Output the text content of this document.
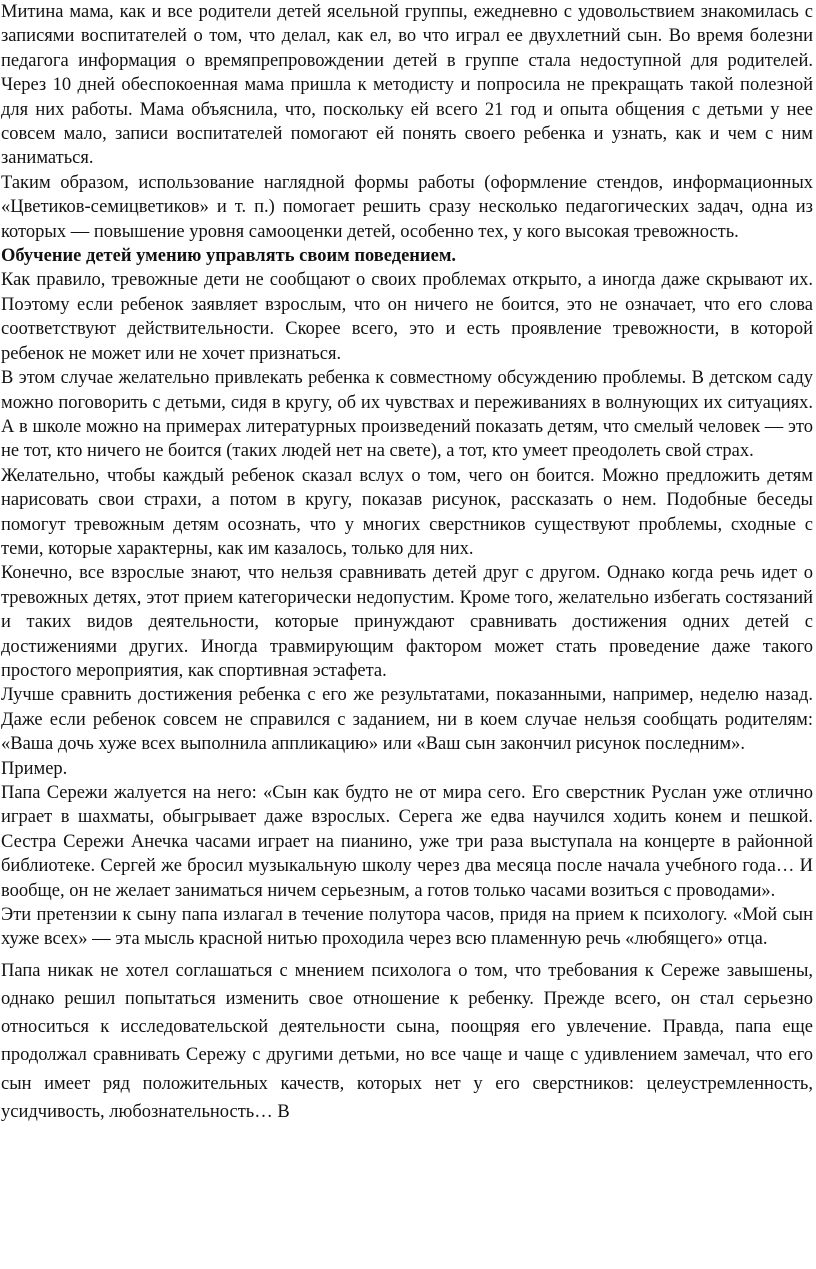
Митина мама, как и все родители детей ясельной группы, ежедневно с удовольствием знакомилась с записями воспитателей о том, что делал, как ел, во что играл ее двухлетний сын. Во время болезни педагога информация о времяпрепровождении детей в группе стала недоступной для родителей. Через 10 дней обеспокоенная мама пришла к методисту и попросила не прекращать такой полезной для них работы. Мама объяснила, что, поскольку ей всего 21 год и опыта общения с детьми у нее совсем мало, записи воспитателей помогают ей понять своего ребенка и узнать, как и чем с ним заниматься.

Таким образом, использование наглядной формы работы (оформление стендов, информационных «Цветиков-семицветиков» и т. п.) помогает решить сразу несколько педагогических задач, одна из которых — повышение уровня самооценки детей, особенно тех, у кого высокая тревожность.

Обучение детей умению управлять своим поведением.

Как правило, тревожные дети не сообщают о своих проблемах открыто, а иногда даже скрывают их. Поэтому если ребенок заявляет взрослым, что он ничего не боится, это не означает, что его слова соответствуют действительности. Скорее всего, это и есть проявление тревожности, в которой ребенок не может или не хочет признаться.

В этом случае желательно привлекать ребенка к совместному обсуждению проблемы. В детском саду можно поговорить с детьми, сидя в кругу, об их чувствах и переживаниях в волнующих их ситуациях. А в школе можно на примерах литературных произведений показать детям, что смелый человек — это не тот, кто ничего не боится (таких людей нет на свете), а тот, кто умеет преодолеть свой страх.

Желательно, чтобы каждый ребенок сказал вслух о том, чего он боится. Можно предложить детям нарисовать свои страхи, а потом в кругу, показав рисунок, рассказать о нем. Подобные беседы помогут тревожным детям осознать, что у многих сверстников существуют проблемы, сходные с теми, которые характерны, как им казалось, только для них.

Конечно, все взрослые знают, что нельзя сравнивать детей друг с другом. Однако когда речь идет о тревожных детях, этот прием категорически недопустим. Кроме того, желательно избегать состязаний и таких видов деятельности, которые принуждают сравнивать достижения одних детей с достижениями других. Иногда травмирующим фактором может стать проведение даже такого простого мероприятия, как спортивная эстафета.

Лучше сравнить достижения ребенка с его же результатами, показанными, например, неделю назад. Даже если ребенок совсем не справился с заданием, ни в коем случае нельзя сообщать родителям: «Ваша дочь хуже всех выполнила аппликацию» или «Ваш сын закончил рисунок последним».

Пример.

Папа Сережи жалуется на него: «Сын как будто не от мира сего. Его сверстник Руслан уже отлично играет в шахматы, обыгрывает даже взрослых. Серега же едва научился ходить конем и пешкой. Сестра Сережи Анечка часами играет на пианино, уже три раза выступала на концерте в районной библиотеке. Сергей же бросил музыкальную школу через два месяца после начала учебного года… И вообще, он не желает заниматься ничем серьезным, а готов только часами возиться с проводами».

Эти претензии к сыну папа излагал в течение полутора часов, придя на прием к психологу. «Мой сын хуже всех» — эта мысль красной нитью проходила через всю пламенную речь «любящего» отца.

Папа никак не хотел соглашаться с мнением психолога о том, что требования к Сереже завышены, однако решил попытаться изменить свое отношение к ребенку. Прежде всего, он стал серьезно относиться к исследовательской деятельности сына, поощряя его увлечение. Правда, папа еще продолжал сравнивать Сережу с другими детьми, но все чаще и чаще с удивлением замечал, что его сын имеет ряд положительных качеств, которых нет у его сверстников: целеустремленность, усидчивость, любознательность… В
